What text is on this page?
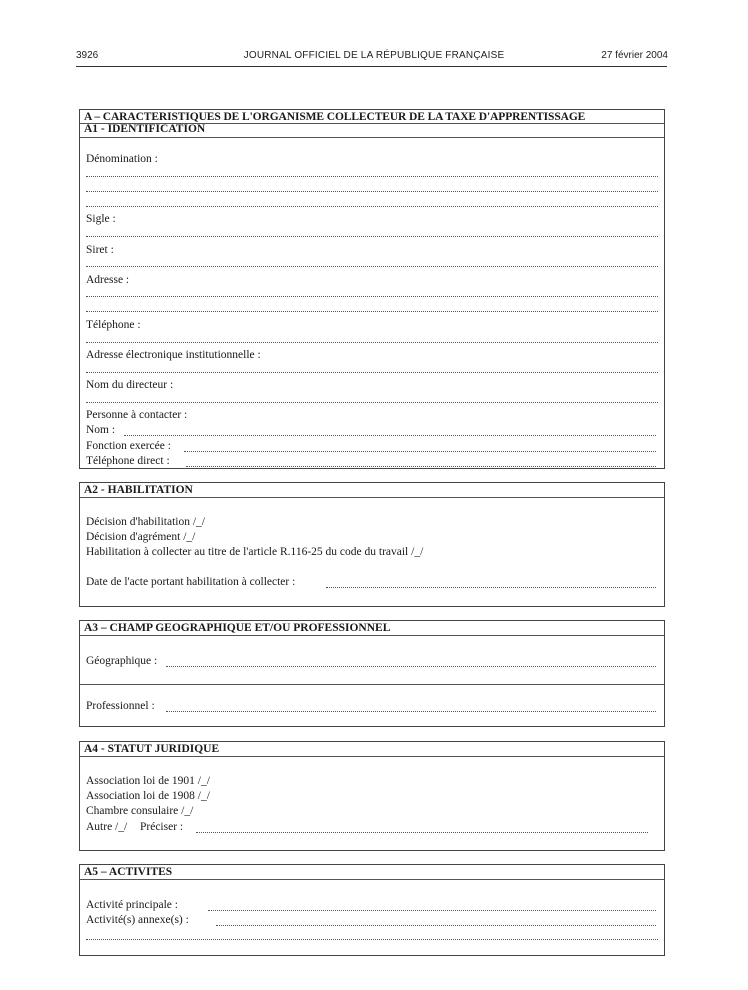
3926	JOURNAL OFFICIEL DE LA RÉPUBLIQUE FRANÇAISE	27 février 2004
A – CARACTERISTIQUES DE L'ORGANISME COLLECTEUR DE LA TAXE D'APPRENTISSAGE
A1 - IDENTIFICATION
Dénomination :
Sigle :
Siret :
Adresse :
Téléphone :
Adresse électronique institutionnelle :
Nom du directeur :
Personne à contacter :
Nom :
Fonction exercée :
Téléphone direct :
A2 - HABILITATION
Décision d'habilitation /_/
Décision d'agrément /_/
Habilitation à collecter au titre de l'article R.116-25 du code du travail /_/
Date de l'acte portant habilitation à collecter :
A3 – CHAMP GEOGRAPHIQUE ET/OU PROFESSIONNEL
Géographique :
Professionnel :
A4 - STATUT JURIDIQUE
Association loi de 1901 /_/
Association loi de 1908 /_/
Chambre consulaire /_/
Autre /_/ Préciser :
A5 – ACTIVITES
Activité principale :
Activité(s) annexe(s) :
